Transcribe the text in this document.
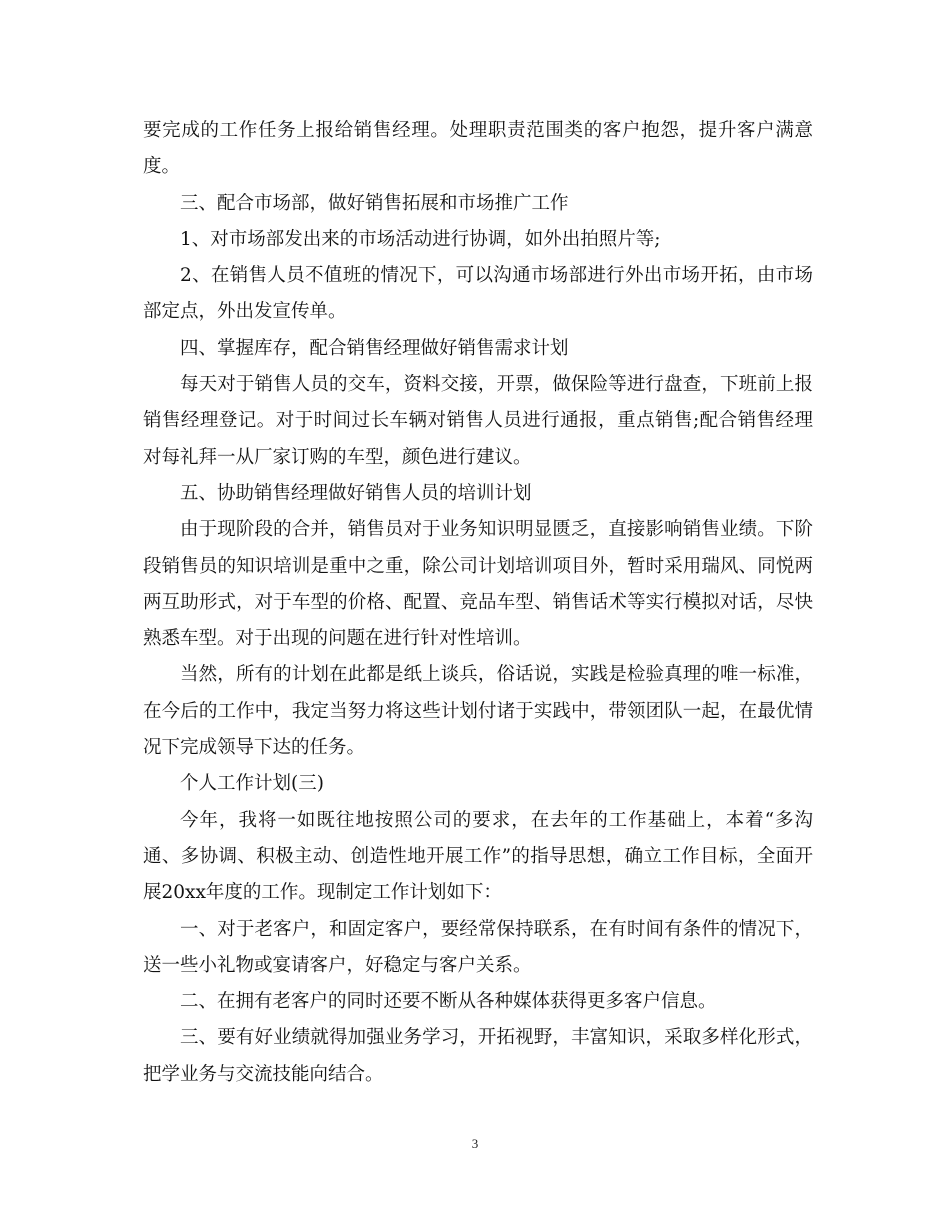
要完成的工作任务上报给销售经理。处理职责范围类的客户抱怨，提升客户满意度。

三、配合市场部，做好销售拓展和市场推广工作

1、对市场部发出来的市场活动进行协调，如外出拍照片等;

2、在销售人员不值班的情况下，可以沟通市场部进行外出市场开拓，由市场部定点，外出发宣传单。

四、掌握库存，配合销售经理做好销售需求计划

每天对于销售人员的交车，资料交接，开票，做保险等进行盘查，下班前上报销售经理登记。对于时间过长车辆对销售人员进行通报，重点销售;配合销售经理对每礼拜一从厂家订购的车型，颜色进行建议。

五、协助销售经理做好销售人员的培训计划

由于现阶段的合并，销售员对于业务知识明显匮乏，直接影响销售业绩。下阶段销售员的知识培训是重中之重，除公司计划培训项目外，暂时采用瑞风、同悦两两互助形式，对于车型的价格、配置、竞品车型、销售话术等实行模拟对话，尽快熟悉车型。对于出现的问题在进行针对性培训。

当然，所有的计划在此都是纸上谈兵，俗话说，实践是检验真理的唯一标准，在今后的工作中，我定当努力将这些计划付诸于实践中，带领团队一起，在最优情况下完成领导下达的任务。

个人工作计划(三)

今年，我将一如既往地按照公司的要求，在去年的工作基础上，本着“多沟通、多协调、积极主动、创造性地开展工作”的指导思想，确立工作目标，全面开展20xx年度的工作。现制定工作计划如下：

一、对于老客户，和固定客户，要经常保持联系，在有时间有条件的情况下，送一些小礼物或宴请客户，好稳定与客户关系。

二、在拥有老客户的同时还要不断从各种媒体获得更多客户信息。

三、要有好业绩就得加强业务学习，开拓视野，丰富知识，采取多样化形式，把学业务与交流技能向结合。

3
